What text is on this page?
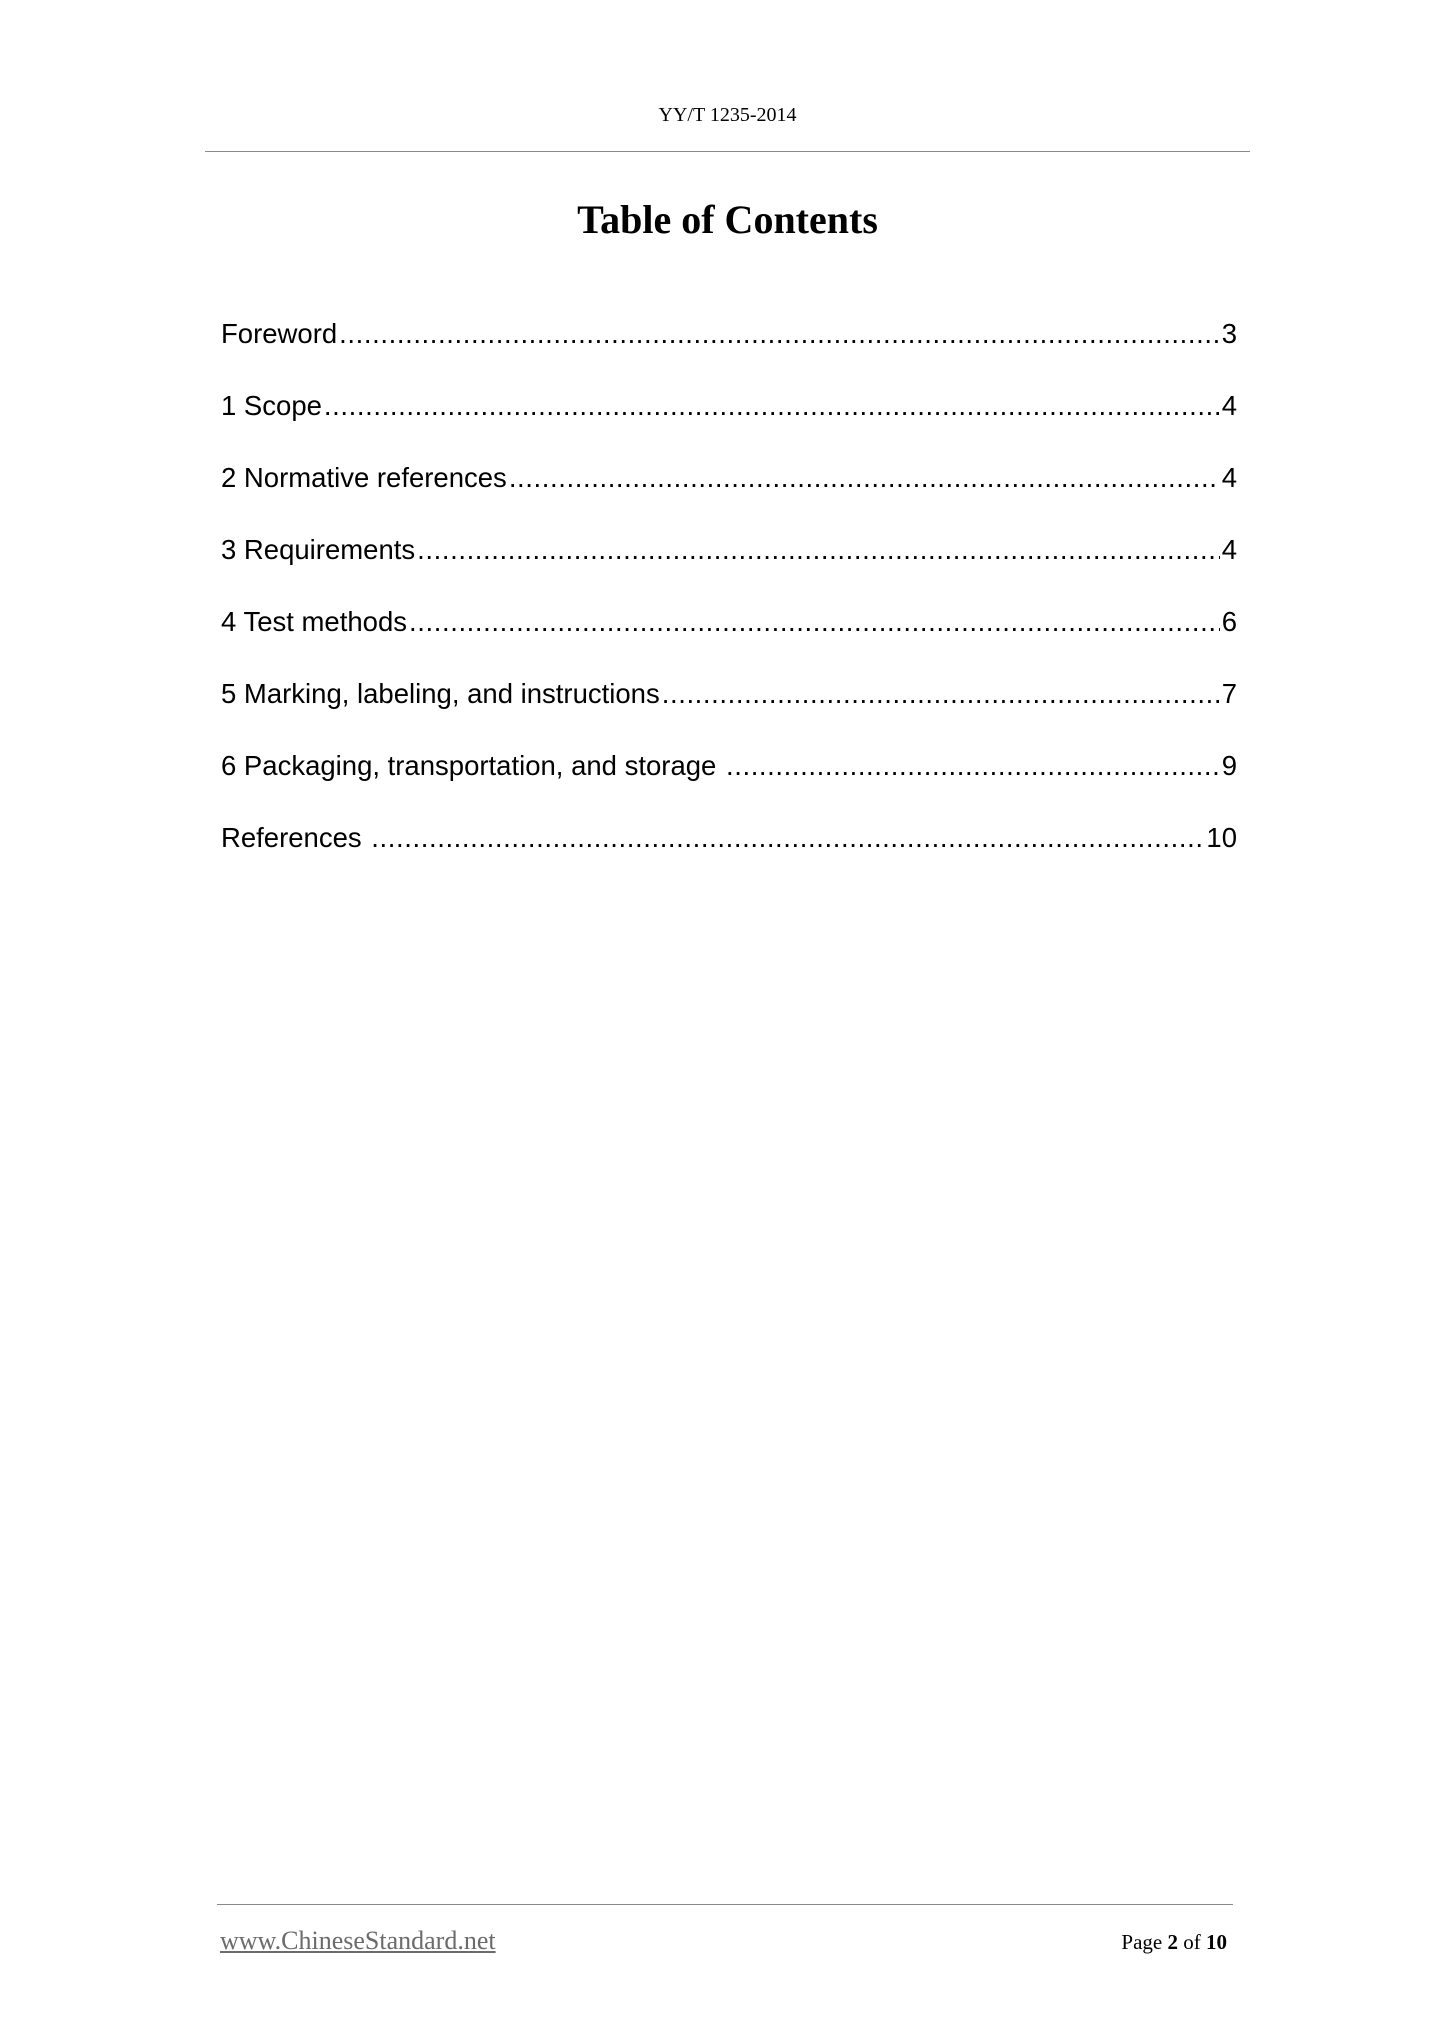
YY/T 1235-2014
Table of Contents
Foreword .....	3
1 Scope .....	4
2 Normative references .....	4
3 Requirements .....	4
4 Test methods .....	6
5 Marking, labeling, and instructions .....	7
6 Packaging, transportation, and storage .....	9
References .....	10
www.ChineseStandard.net	Page 2 of 10
